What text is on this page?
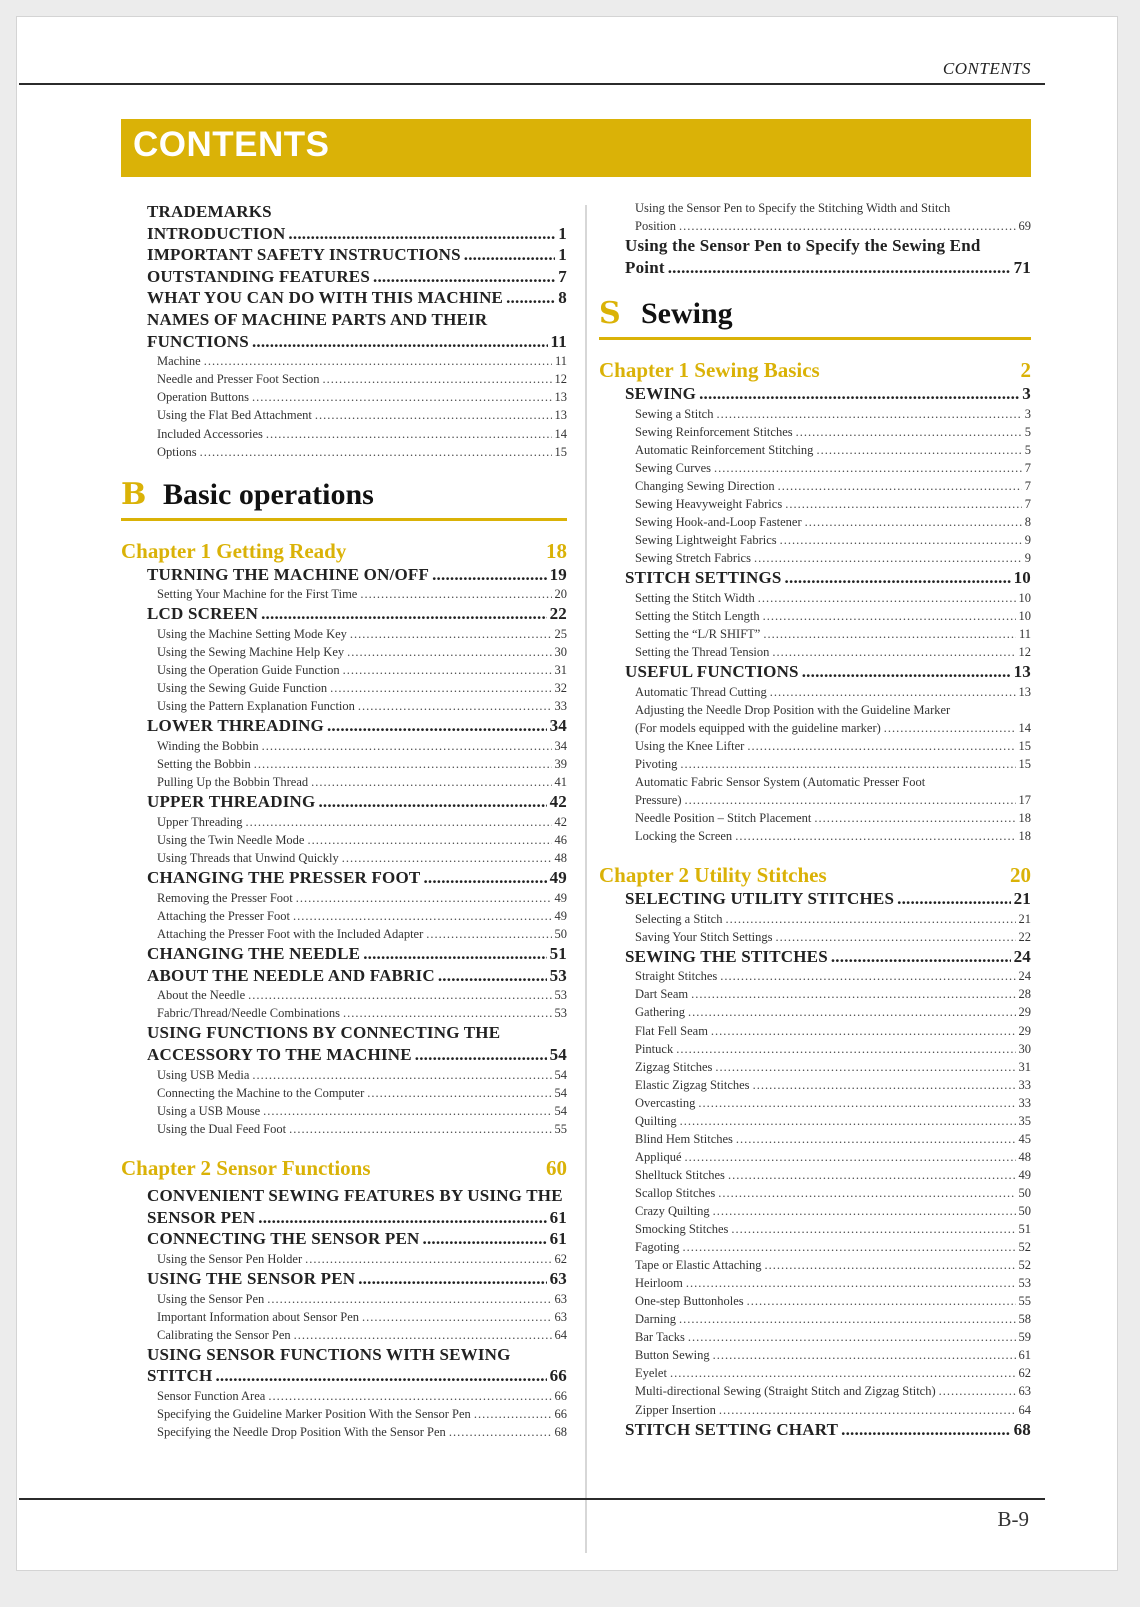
CONTENTS
CONTENTS
TRADEMARKS
INTRODUCTION .....	1
IMPORTANT SAFETY INSTRUCTIONS .....	1
OUTSTANDING FEATURES .....	7
WHAT YOU CAN DO WITH THIS MACHINE .....	8
NAMES OF MACHINE PARTS AND THEIR
FUNCTIONS .....	11
Machine .....	11
Needle and Presser Foot Section .....	12
Operation Buttons .....	13
Using the Flat Bed Attachment .....	13
Included Accessories .....	14
Options .....	15
B Basic operations
Chapter 1 Getting Ready	18
TURNING THE MACHINE ON/OFF .....	19
Setting Your Machine for the First Time .....	20
LCD SCREEN .....	22
Using the Machine Setting Mode Key .....	25
Using the Sewing Machine Help Key .....	30
Using the Operation Guide Function .....	31
Using the Sewing Guide Function .....	32
Using the Pattern Explanation Function .....	33
LOWER THREADING .....	34
Winding the Bobbin .....	34
Setting the Bobbin .....	39
Pulling Up the Bobbin Thread .....	41
UPPER THREADING .....	42
Upper Threading .....	42
Using the Twin Needle Mode .....	46
Using Threads that Unwind Quickly .....	48
CHANGING THE PRESSER FOOT .....	49
Removing the Presser Foot .....	49
Attaching the Presser Foot .....	49
Attaching the Presser Foot with the Included Adapter .....	50
CHANGING THE NEEDLE .....	51
ABOUT THE NEEDLE AND FABRIC .....	53
About the Needle .....	53
Fabric/Thread/Needle Combinations .....	53
USING FUNCTIONS BY CONNECTING THE
ACCESSORY TO THE MACHINE .....	54
Using USB Media .....	54
Connecting the Machine to the Computer .....	54
Using a USB Mouse .....	54
Using the Dual Feed Foot .....	55
Chapter 2 Sensor Functions	60
CONVENIENT SEWING FEATURES BY USING THE
SENSOR PEN .....	61
CONNECTING THE SENSOR PEN .....	61
Using the Sensor Pen Holder .....	62
USING THE SENSOR PEN .....	63
Using the Sensor Pen .....	63
Important Information about Sensor Pen .....	63
Calibrating the Sensor Pen .....	64
USING SENSOR FUNCTIONS WITH SEWING
STITCH .....	66
Sensor Function Area .....	66
Specifying the Guideline Marker Position With the Sensor Pen .....	66
Specifying the Needle Drop Position With the Sensor Pen .....	68
Using the Sensor Pen to Specify the Stitching Width and Stitch
Position .....	69
Using the Sensor Pen to Specify the Sewing End
Point .....	71
S Sewing
Chapter 1 Sewing Basics	2
SEWING .....	3
Sewing a Stitch .....	3
Sewing Reinforcement Stitches .....	5
Automatic Reinforcement Stitching .....	5
Sewing Curves .....	7
Changing Sewing Direction .....	7
Sewing Heavyweight Fabrics .....	7
Sewing Hook-and-Loop Fastener .....	8
Sewing Lightweight Fabrics .....	9
Sewing Stretch Fabrics .....	9
STITCH SETTINGS .....	10
Setting the Stitch Width .....	10
Setting the Stitch Length .....	10
Setting the “L/R SHIFT” .....	11
Setting the Thread Tension .....	12
USEFUL FUNCTIONS .....	13
Automatic Thread Cutting .....	13
Adjusting the Needle Drop Position with the Guideline Marker
(For models equipped with the guideline marker) .....	14
Using the Knee Lifter .....	15
Pivoting .....	15
Automatic Fabric Sensor System (Automatic Presser Foot
Pressure) .....	17
Needle Position – Stitch Placement .....	18
Locking the Screen .....	18
Chapter 2 Utility Stitches	20
SELECTING UTILITY STITCHES .....	21
Selecting a Stitch .....	21
Saving Your Stitch Settings .....	22
SEWING THE STITCHES .....	24
Straight Stitches .....	24
Dart Seam .....	28
Gathering .....	29
Flat Fell Seam .....	29
Pintuck .....	30
Zigzag Stitches .....	31
Elastic Zigzag Stitches .....	33
Overcasting .....	33
Quilting .....	35
Blind Hem Stitches .....	45
Appliqué .....	48
Shelltuck Stitches .....	49
Scallop Stitches .....	50
Crazy Quilting .....	50
Smocking Stitches .....	51
Fagoting .....	52
Tape or Elastic Attaching .....	52
Heirloom .....	53
One-step Buttonholes .....	55
Darning .....	58
Bar Tacks .....	59
Button Sewing .....	61
Eyelet .....	62
Multi-directional Sewing (Straight Stitch and Zigzag Stitch) .....	63
Zipper Insertion .....	64
STITCH SETTING CHART .....	68
B-9
